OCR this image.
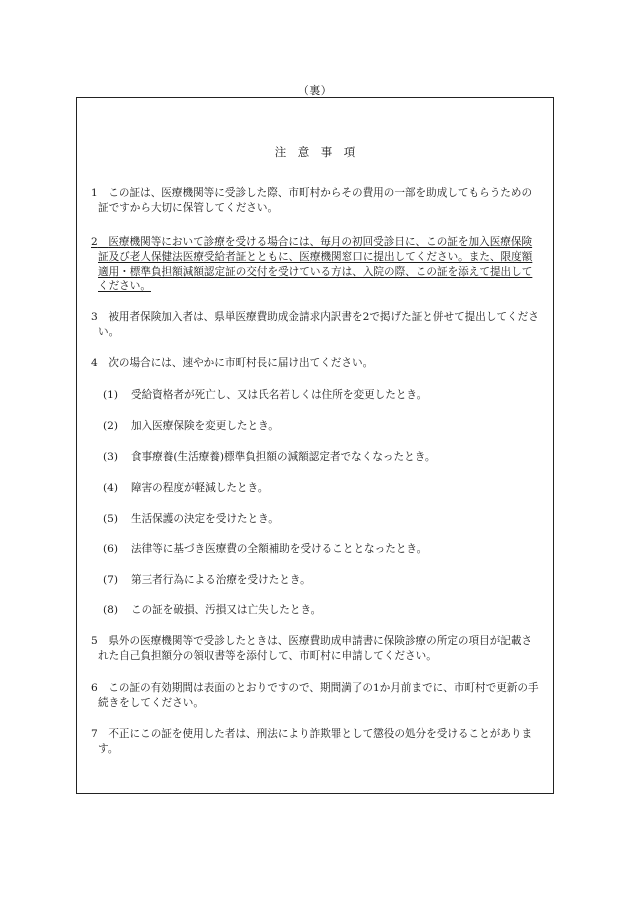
（裏）
注　意　事　項
1　 この証は、医療機関等に受診した際、市町村からその費用の一部を助成してもらうための証ですから大切に保管してください。
2　 医療機関等において診療を受ける場合には、毎月の初回受診日に、この証を加入医療保険証及び老人保健法医療受給者証とともに、医療機関窓口に提出してください。また、限度額適用・標準負担額減額認定証の交付を受けている方は、入院の際、この証を添えて提出してください。
3　 被用者保険加入者は、県単医療費助成金請求内訳書を2で掲げた証と併せて提出してください。
4　 次の場合には、速やかに市町村長に届け出てください。
(1) 受給資格者が死亡し、又は氏名若しくは住所を変更したとき。
(2) 加入医療保険を変更したとき。
(3) 食事療養(生活療養)標準負担額の減額認定者でなくなったとき。
(4) 障害の程度が軽減したとき。
(5) 生活保護の決定を受けたとき。
(6) 法律等に基づき医療費の全額補助を受けることとなったとき。
(7) 第三者行為による治療を受けたとき。
(8) この証を破損、汚損又は亡失したとき。
5　 県外の医療機関等で受診したときは、医療費助成申請書に保険診療の所定の項目が記載された自己負担額分の領収書等を添付して、市町村に申請してください。
6　 この証の有効期間は表面のとおりですので、期間満了の1か月前までに、市町村で更新の手続きをしてください。
7　 不正にこの証を使用した者は、刑法により詐欺罪として懲役の処分を受けることがあります。
